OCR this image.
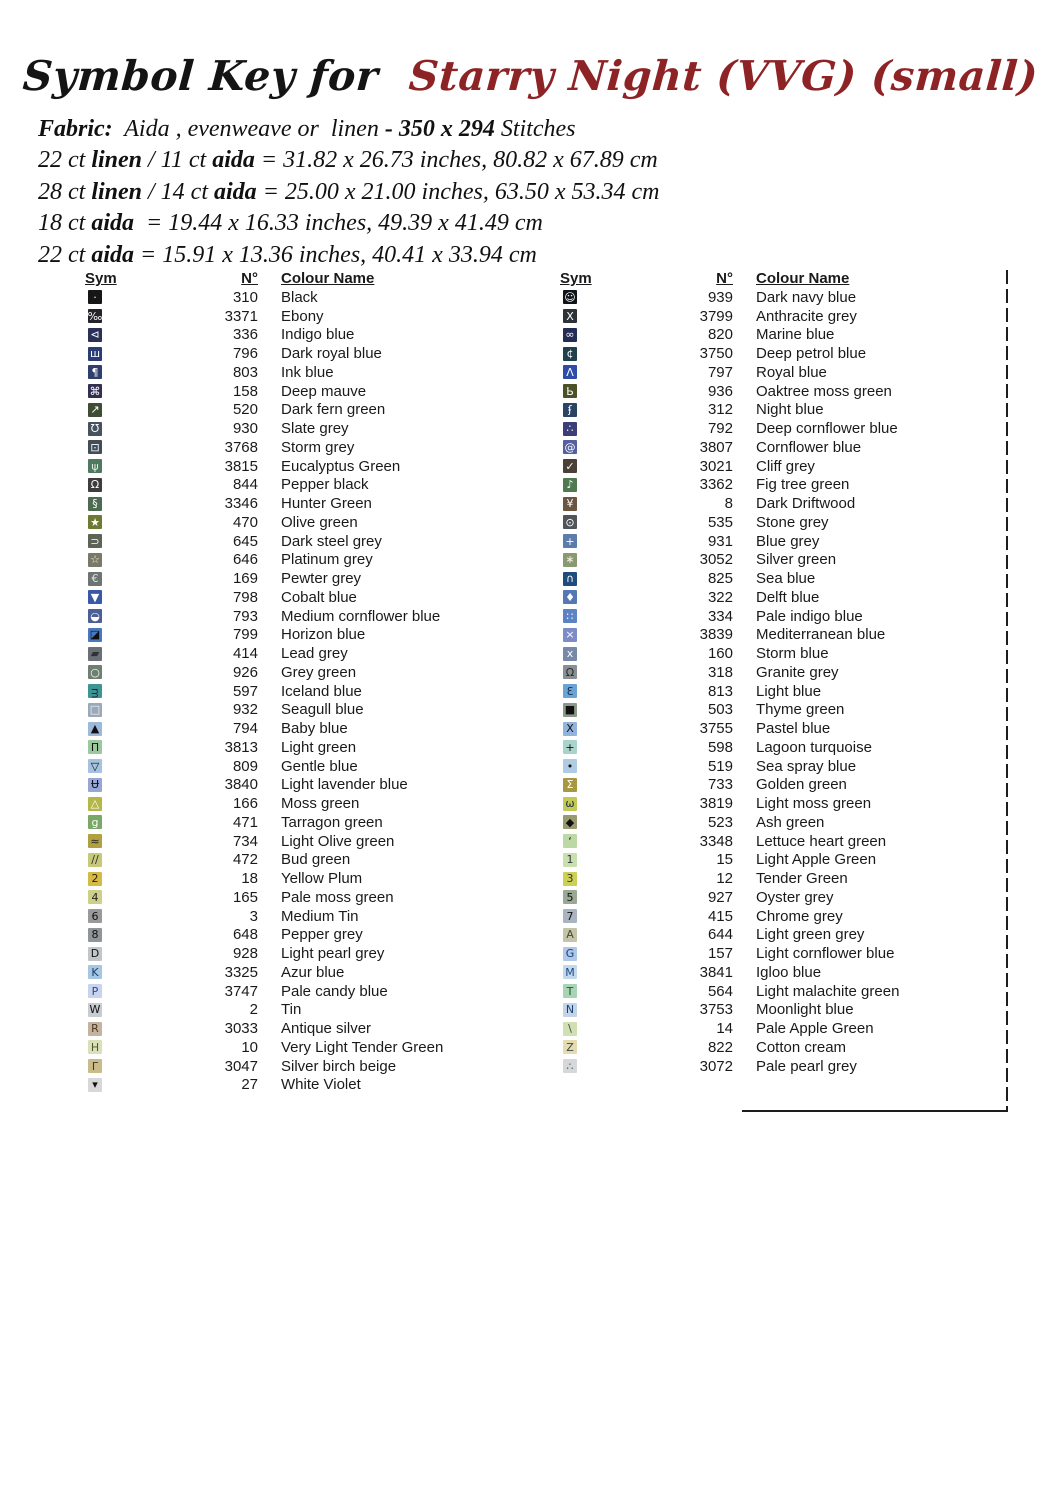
Symbol Key for Starry Night (VVG) (small)
Fabric:  Aida , evenweave or  linen - 350 x 294 Stitches
22 ct linen / 11 ct aida = 31.82 x 26.73 inches, 80.82 x 67.89 cm
28 ct linen / 14 ct aida = 25.00 x 21.00 inches, 63.50 x 53.34 cm
18 ct aida  = 19.44 x 16.33 inches, 49.39 x 41.49 cm
22 ct aida = 15.91 x 13.36 inches, 40.41 x 33.94 cm
Sym	N° Colour Name
·	310 Black
‰	3371 Ebony
⊲	336 Indigo blue
ш	796 Dark royal blue
¶	803 Ink blue
⌘	158 Deep mauve
↗	520 Dark fern green
℧	930 Slate grey
⊡	3768 Storm grey
ψ	3815 Eucalyptus Green
Ω	844 Pepper black
§	3346 Hunter Green
★	470 Olive green
⊃	645 Dark steel grey
☆	646 Platinum grey
€	169 Pewter grey
▼	798 Cobalt blue
◒	793 Medium cornflower blue
◪	799 Horizon blue
▰	414 Lead grey
○	926 Grey green
ᴟ	597 Iceland blue
□	932 Seagull blue
▲	794 Baby blue
Π	3813 Light green
▽	809 Gentle blue
Ʉ	3840 Light lavender blue
△	166 Moss green
g	471 Tarragon green
≈	734 Light Olive green
∕∕	472 Bud green
2	18 Yellow Plum
4	165 Pale moss green
6	3 Medium Tin
8	648 Pepper grey
D	928 Light pearl grey
K	3325 Azur blue
P	3747 Pale candy blue
W	2 Tin
R	3033 Antique silver
H	10 Very Light Tender Green
Γ	3047 Silver birch beige
▾	27 White Violet
Sym	N° Colour Name
☺	939 Dark navy blue
X	3799 Anthracite grey
∞	820 Marine blue
¢	3750 Deep petrol blue
Λ	797 Royal blue
Ь	936 Oaktree moss green
ʄ	312 Night blue
∴	792 Deep cornflower blue
@	3807 Cornflower blue
✓	3021 Cliff grey
♪	3362 Fig tree green
¥	8 Dark Driftwood
⊙	535 Stone grey
+	931 Blue grey
∗	3052 Silver green
∩	825 Sea blue
♦	322 Delft blue
∷	334 Pale indigo blue
×	3839 Mediterranean blue
x	160 Storm blue
Ω	318 Granite grey
Ɛ	813 Light blue
■	503 Thyme green
Χ	3755 Pastel blue
+	598 Lagoon turquoise
•	519 Sea spray blue
Σ	733 Golden green
ω	3819 Light moss green
◆	523 Ash green
‘	3348 Lettuce heart green
1	15 Light Apple Green
3	12 Tender Green
5	927 Oyster grey
7	415 Chrome grey
A	644 Light green grey
G	157 Light cornflower blue
M	3841 Igloo blue
T	564 Light malachite green
N	3753 Moonlight blue
\	14 Pale Apple Green
Z	822 Cotton cream
∴	3072 Pale pearl grey
